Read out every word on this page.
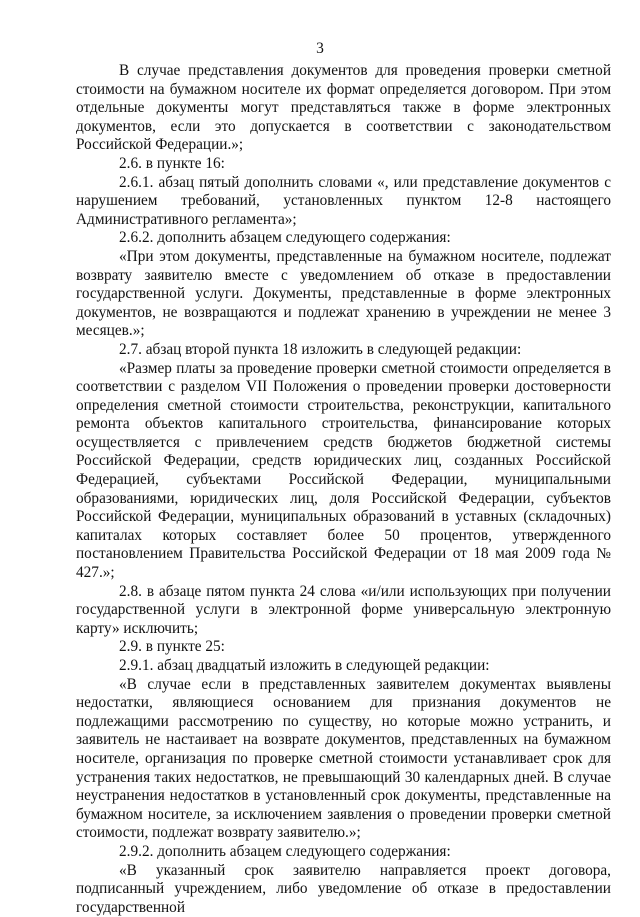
3

В случае представления документов для проведения проверки сметной стоимости на бумажном носителе их формат определяется договором. При этом отдельные документы могут представляться также в форме электронных документов, если это допускается в соответствии с законодательством Российской Федерации.»;

2.6. в пункте 16:

2.6.1. абзац пятый дополнить словами «, или представление документов с нарушением требований, установленных пунктом 12-8 настоящего Административного регламента»;

2.6.2. дополнить абзацем следующего содержания:

«При этом документы, представленные на бумажном носителе, подлежат возврату заявителю вместе с уведомлением об отказе в предоставлении государственной услуги. Документы, представленные в форме электронных документов, не возвращаются и подлежат хранению в учреждении не менее 3 месяцев.»;

2.7. абзац второй пункта 18 изложить в следующей редакции:

«Размер платы за проведение проверки сметной стоимости определяется в соответствии с разделом VII Положения о проведении проверки достоверности определения сметной стоимости строительства, реконструкции, капитального ремонта объектов капитального строительства, финансирование которых осуществляется с привлечением средств бюджетов бюджетной системы Российской Федерации, средств юридических лиц, созданных Российской Федерацией, субъектами Российской Федерации, муниципальными образованиями, юридических лиц, доля Российской Федерации, субъектов Российской Федерации, муниципальных образований в уставных (складочных) капиталах которых составляет более 50 процентов, утвержденного постановлением Правительства Российской Федерации от 18 мая 2009 года № 427.»;

2.8. в абзаце пятом пункта 24 слова «и/или использующих при получении государственной услуги в электронной форме универсальную электронную карту» исключить;

2.9. в пункте 25:

2.9.1. абзац двадцатый изложить в следующей редакции:

«В случае если в представленных заявителем документах выявлены недостатки, являющиеся основанием для признания документов не подлежащими рассмотрению по существу, но которые можно устранить, и заявитель не настаивает на возврате документов, представленных на бумажном носителе, организация по проверке сметной стоимости устанавливает срок для устранения таких недостатков, не превышающий 30 календарных дней. В случае неустранения недостатков в установленный срок документы, представленные на бумажном носителе, за исключением заявления о проведении проверки сметной стоимости, подлежат возврату заявителю.»;

2.9.2. дополнить абзацем следующего содержания:

«В указанный срок заявителю направляется проект договора, подписанный учреждением, либо уведомление об отказе в предоставлении государственной
